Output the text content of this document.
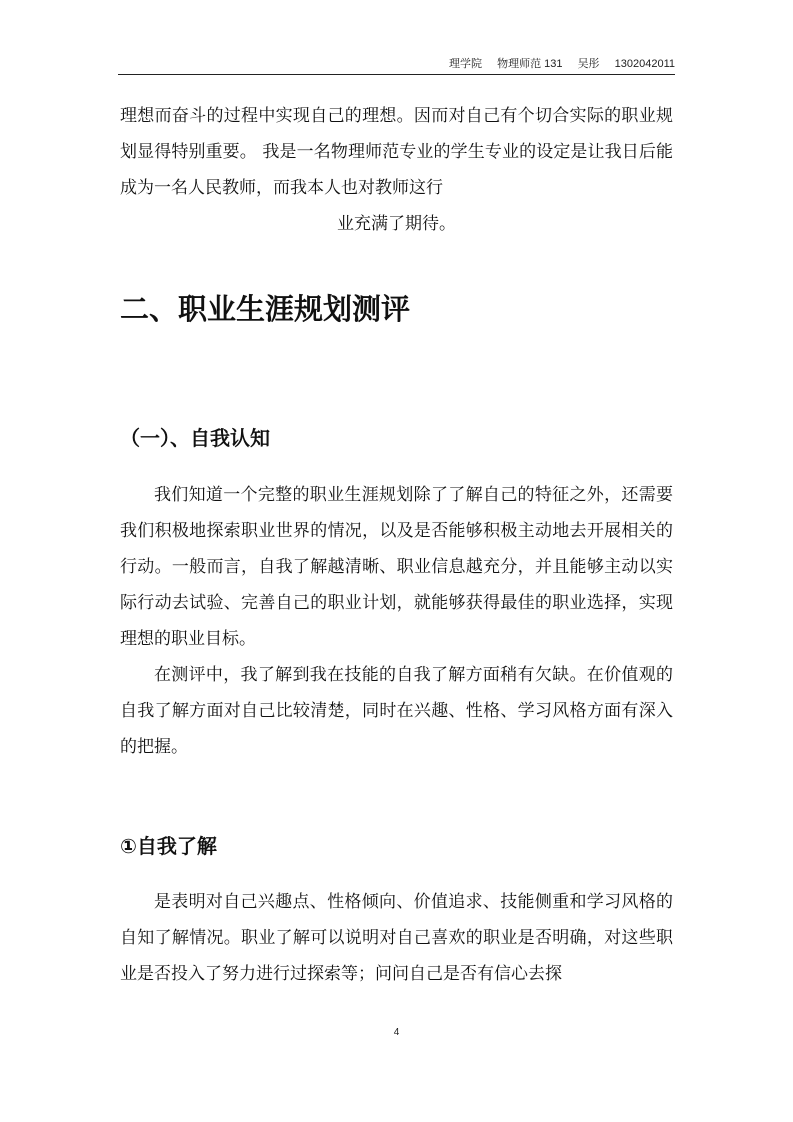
理学院 物理师范 131 吴彤 1302042011
理想而奋斗的过程中实现自己的理想。因而对自己有个切合实际的职业规划显得特别重要。 我是一名物理师范专业的学生专业的设定是让我日后能成为一名人民教师，而我本人也对教师这行
业充满了期待。
二、职业生涯规划测评
（一）、自我认知
我们知道一个完整的职业生涯规划除了了解自己的特征之外，还需要我们积极地探索职业世界的情况，以及是否能够积极主动地去开展相关的行动。一般而言，自我了解越清晰、职业信息越充分，并且能够主动以实际行动去试验、完善自己的职业计划，就能够获得最佳的职业选择，实现理想的职业目标。
在测评中，我了解到我在技能的自我了解方面稍有欠缺。在价值观的自我了解方面对自己比较清楚，同时在兴趣、性格、学习风格方面有深入的把握。
①自我了解
是表明对自己兴趣点、性格倾向、价值追求、技能侧重和学习风格的自知了解情况。职业了解可以说明对自己喜欢的职业是否明确，对这些职业是否投入了努力进行过探索等；问问自己是否有信心去探
4
